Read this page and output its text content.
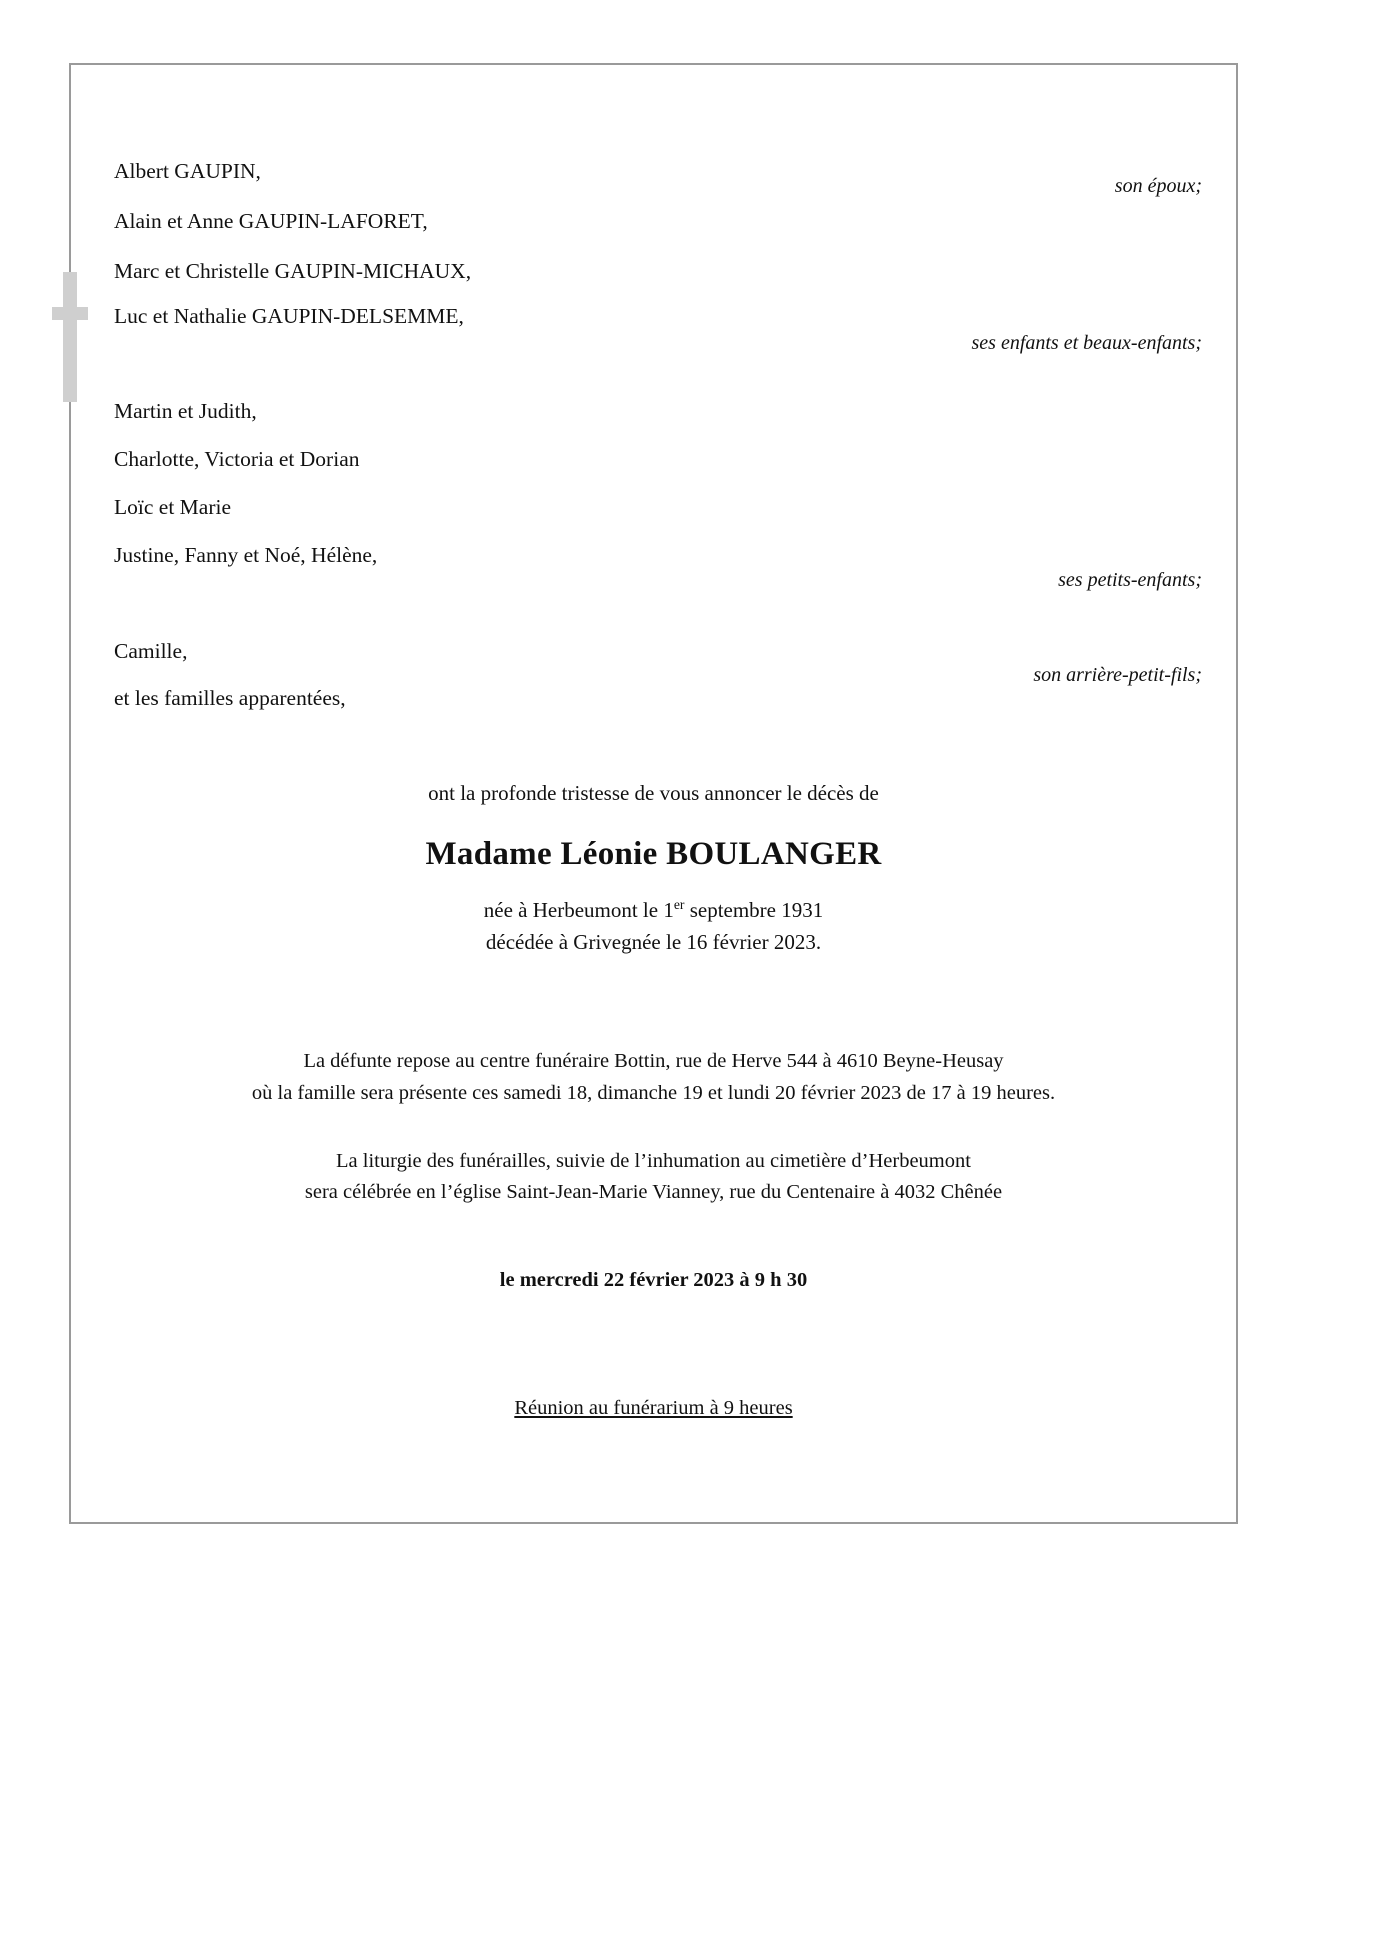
Albert GAUPIN,
son époux;
Alain et Anne GAUPIN-LAFORET,
Marc et Christelle GAUPIN-MICHAUX,
Luc et Nathalie GAUPIN-DELSEMME,
ses enfants et beaux-enfants;
Martin et Judith,
Charlotte, Victoria et Dorian
Loïc et Marie
Justine, Fanny et Noé, Hélène,
ses petits-enfants;
Camille,
son arrière-petit-fils;
et les familles apparentées,
ont la profonde tristesse de vous annoncer le décès de
Madame Léonie BOULANGER
née à Herbeumont le 1er septembre 1931
décédée à Grivegnée le 16 février 2023.

La défunte repose au centre funéraire Bottin, rue de Herve 544 à 4610 Beyne-Heusay

où la famille sera présente ces samedi 18, dimanche 19 et lundi 20 février 2023 de 17 à 19 heures.

La liturgie des funérailles, suivie de l’inhumation au cimetière d’Herbeumont

sera célébrée en l’église Saint-Jean-Marie Vianney, rue du Centenaire à 4032 Chênée

le mercredi 22 février 2023 à 9 h 30

Réunion au funérarium à 9 heures
